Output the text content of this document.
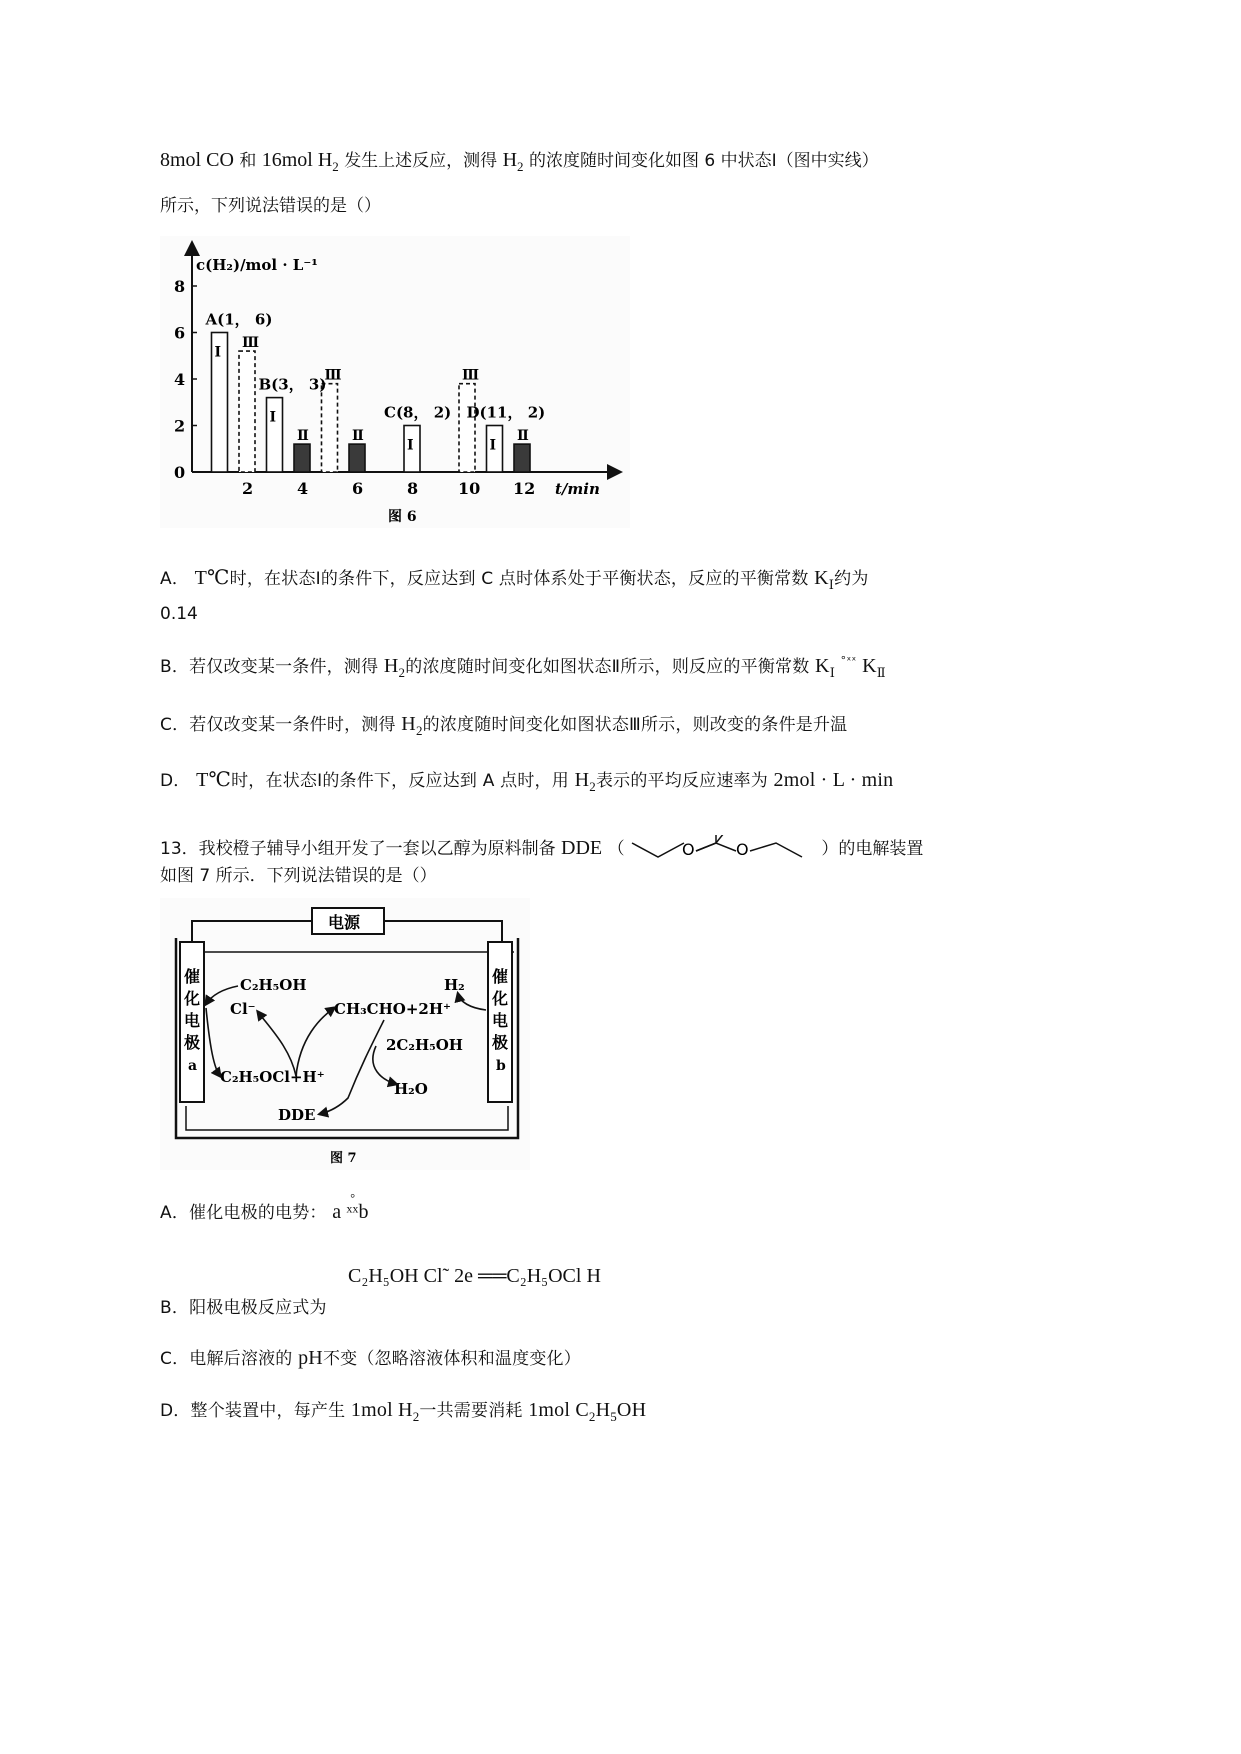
8mol CO 和 16mol $H_2$ 发生上述反应，测得 $H_2$ 的浓度随时间变化如图 6 中状态Ⅰ（图中实线）
所示，下列说法错误的是（）
c(H₂)/mol · L⁻¹
t/min
0
2
4
6
8
2	4	6	8 10 12
Ⅰ
Ⅰ
Ⅰ	Ⅰ
Ⅱ	Ⅱ	Ⅱ
Ⅲ
Ⅲ	Ⅲ
A(1， 6)
B(3， 3)
C(8， 2) D(11， 2)
图 6
A． T℃时，在状态Ⅰ的条件下，反应达到 C 点时体系处于平衡状态，反应的平衡常数 $K_Ⅰ$约为
0.14
B．若仅改变某一条件，测得 $H_2$的浓度随时间变化如图状态Ⅱ所示，则反应的平衡常数 $K_Ⅰ$ $^{^\circ ˣˣ}$ $K_Ⅱ$
C．若仅改变某一条件时，测得 $H_2$的浓度随时间变化如图状态Ⅲ所示，则改变的条件是升温
D． T℃时，在状态Ⅰ的条件下，反应达到 A 点时，用 $H_2$表示的平均反应速率为 2mol · L · min
13．我校橙子辅导小组开发了一套以乙醇为原料制备 DDE （	O	O	）的电解装置
如图 7 所示．下列说法错误的是（）
电源
催
化
电
极
a
催
化
电
极
b
C₂H₅OH
Cl⁻	CH₃CHO+2H⁺
2C₂H₅OH
C₂H₅OCl+H⁺
H₂O
DDE
H₂
图 7
A．催化电极的电势： a ˣˣb
°
C₂H₅OH Cl˜ 2e ══C₂H₅OCl H
B．阳极电极反应式为
C．电解后溶液的 pH不变（忽略溶液体积和温度变化）
D．整个装置中，每产生 1mol $H_2$一共需要消耗 1mol $C_2H_5OH$
